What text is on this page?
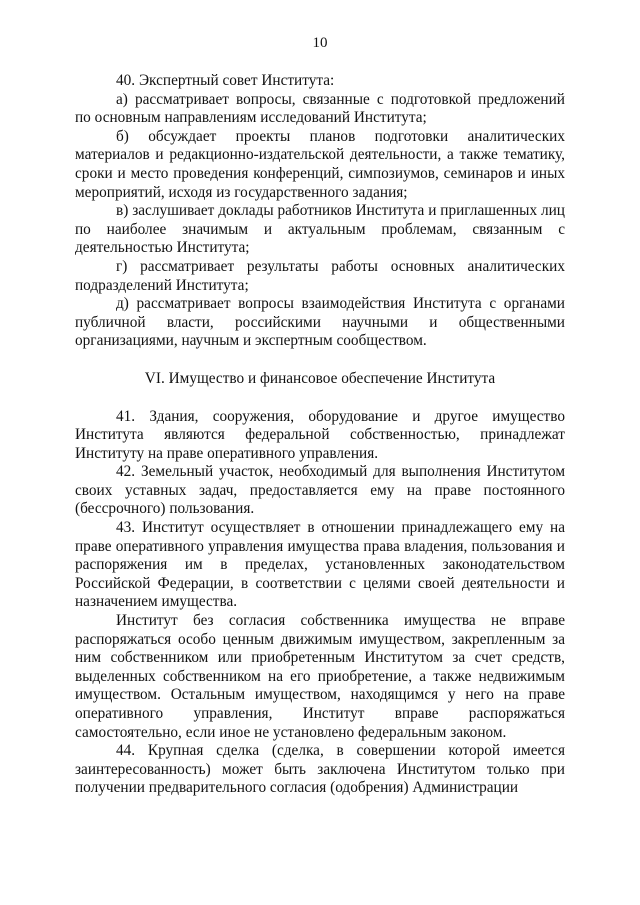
10

40. Экспертный совет Института:

а) рассматривает вопросы, связанные с подготовкой предложений по основным направлениям исследований Института;

б) обсуждает проекты планов подготовки аналитических материалов и редакционно-издательской деятельности, а также тематику, сроки и место проведения конференций, симпозиумов, семинаров и иных мероприятий, исходя из государственного задания;

в) заслушивает доклады работников Института и приглашенных лиц по наиболее значимым и актуальным проблемам, связанным с деятельностью Института;

г) рассматривает результаты работы основных аналитических подразделений Института;

д) рассматривает вопросы взаимодействия Института с органами публичной власти, российскими научными и общественными организациями, научным и экспертным сообществом.

VI. Имущество и финансовое обеспечение Института

41. Здания, сооружения, оборудование и другое имущество Института являются федеральной собственностью, принадлежат Институту на праве оперативного управления.

42. Земельный участок, необходимый для выполнения Институтом своих уставных задач, предоставляется ему на праве постоянного (бессрочного) пользования.

43. Институт осуществляет в отношении принадлежащего ему на праве оперативного управления имущества права владения, пользования и распоряжения им в пределах, установленных законодательством Российской Федерации, в соответствии с целями своей деятельности и назначением имущества.

Институт без согласия собственника имущества не вправе распоряжаться особо ценным движимым имуществом, закрепленным за ним собственником или приобретенным Институтом за счет средств, выделенных собственником на его приобретение, а также недвижимым имуществом. Остальным имуществом, находящимся у него на праве оперативного управления, Институт вправе распоряжаться самостоятельно, если иное не установлено федеральным законом.

44. Крупная сделка (сделка, в совершении которой имеется заинтересованность) может быть заключена Институтом только при получении предварительного согласия (одобрения) Администрации
